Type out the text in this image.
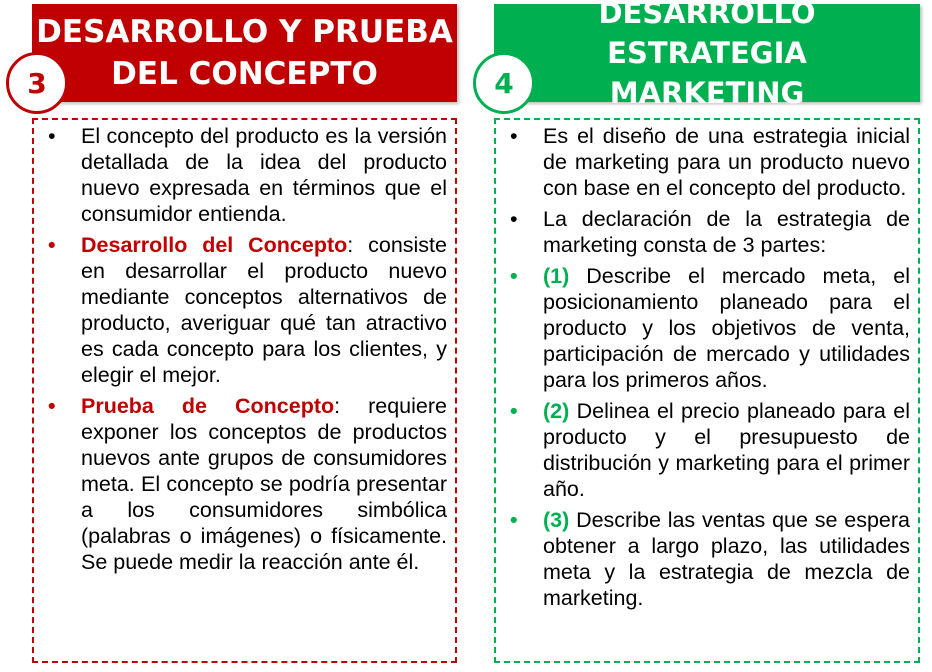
DESARROLLO Y PRUEBA
DEL CONCEPTO
3
•	El concepto del producto es la versión detallada de la idea del producto nuevo expresada en términos que el consumidor entienda.
•	Desarrollo del Concepto: consiste en desarrollar el producto nuevo mediante conceptos alternativos de producto, averiguar qué tan atractivo es cada concepto para los clientes, y elegir el mejor.
•	Prueba de Concepto: requiere exponer los conceptos de productos nuevos ante grupos de consumidores meta. El concepto se podría presentar a los consumidores simbólica (palabras o imágenes) o físicamente. Se puede medir la reacción ante él.
DESARROLLO ESTRATEGIA
MARKETING
4
•	Es el diseño de una estrategia inicial de marketing para un producto nuevo con base en el concepto del producto.
•	La declaración de la estrategia de marketing consta de 3 partes:
•	(1) Describe el mercado meta, el posicionamiento planeado para el producto y los objetivos de venta, participación de mercado y utilidades para los primeros años.
•	(2) Delinea el precio planeado para el producto y el presupuesto de distribución y marketing para el primer año.
•	(3) Describe las ventas que se espera obtener a largo plazo, las utilidades meta y la estrategia de mezcla de marketing.
